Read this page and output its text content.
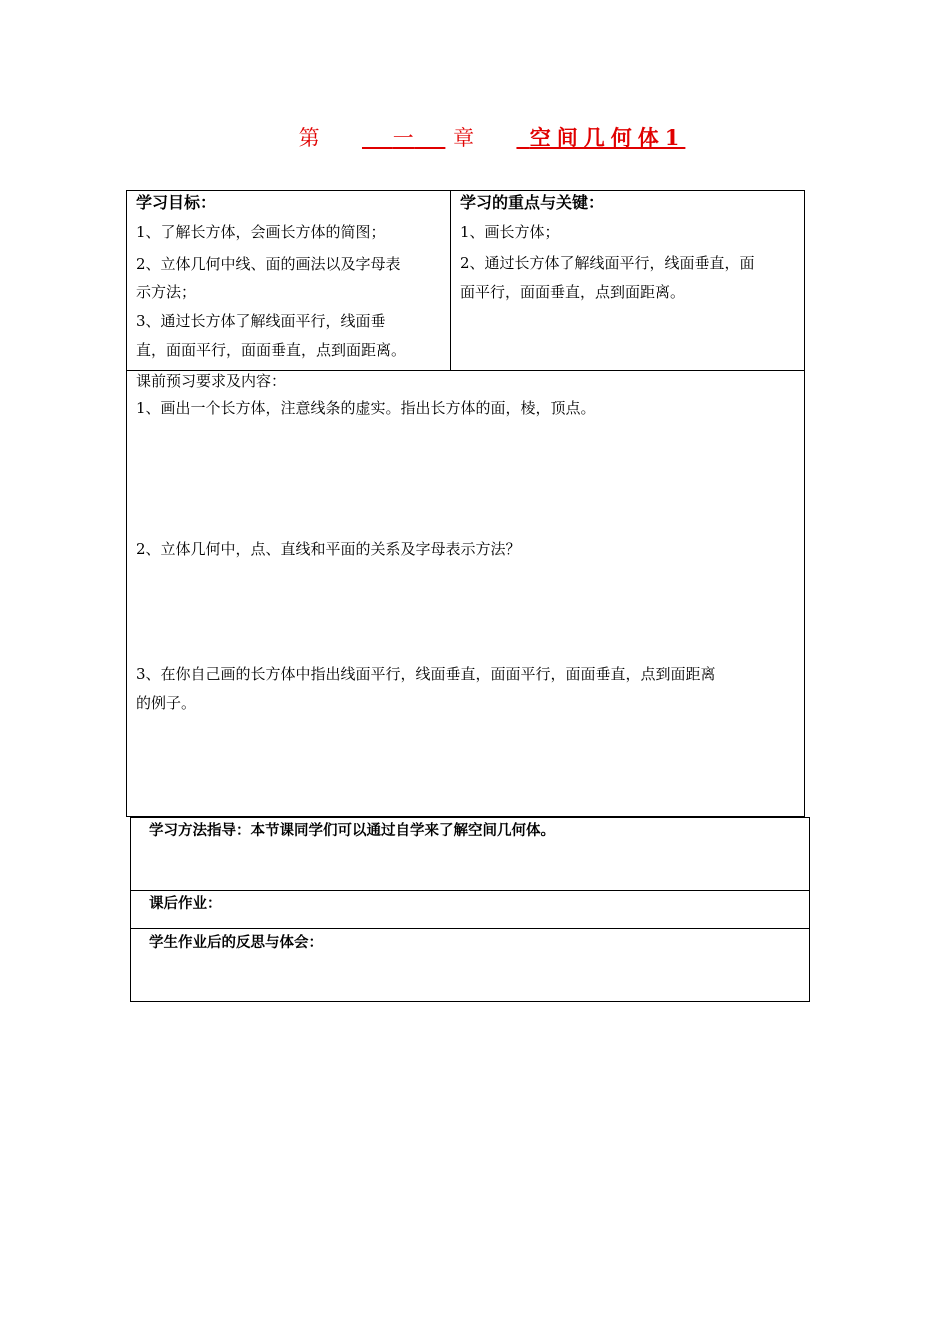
第	一 章	空间几何体1
学习目标：
1、了解长方体，会画长方体的简图；
2、立体几何中线、面的画法以及字母表
示方法；
3、通过长方体了解线面平行，线面垂
直，面面平行，面面垂直，点到面距离。
学习的重点与关键：
1、画长方体；
2、通过长方体了解线面平行，线面垂直，面
面平行，面面垂直，点到面距离。
课前预习要求及内容：
1、画出一个长方体，注意线条的虚实。指出长方体的面，棱，顶点。
2、立体几何中，点、直线和平面的关系及字母表示方法？
3、在你自己画的长方体中指出线面平行，线面垂直，面面平行，面面垂直，点到面距离
的例子。
学习方法指导：本节课同学们可以通过自学来了解空间几何体。
课后作业：
学生作业后的反思与体会：
